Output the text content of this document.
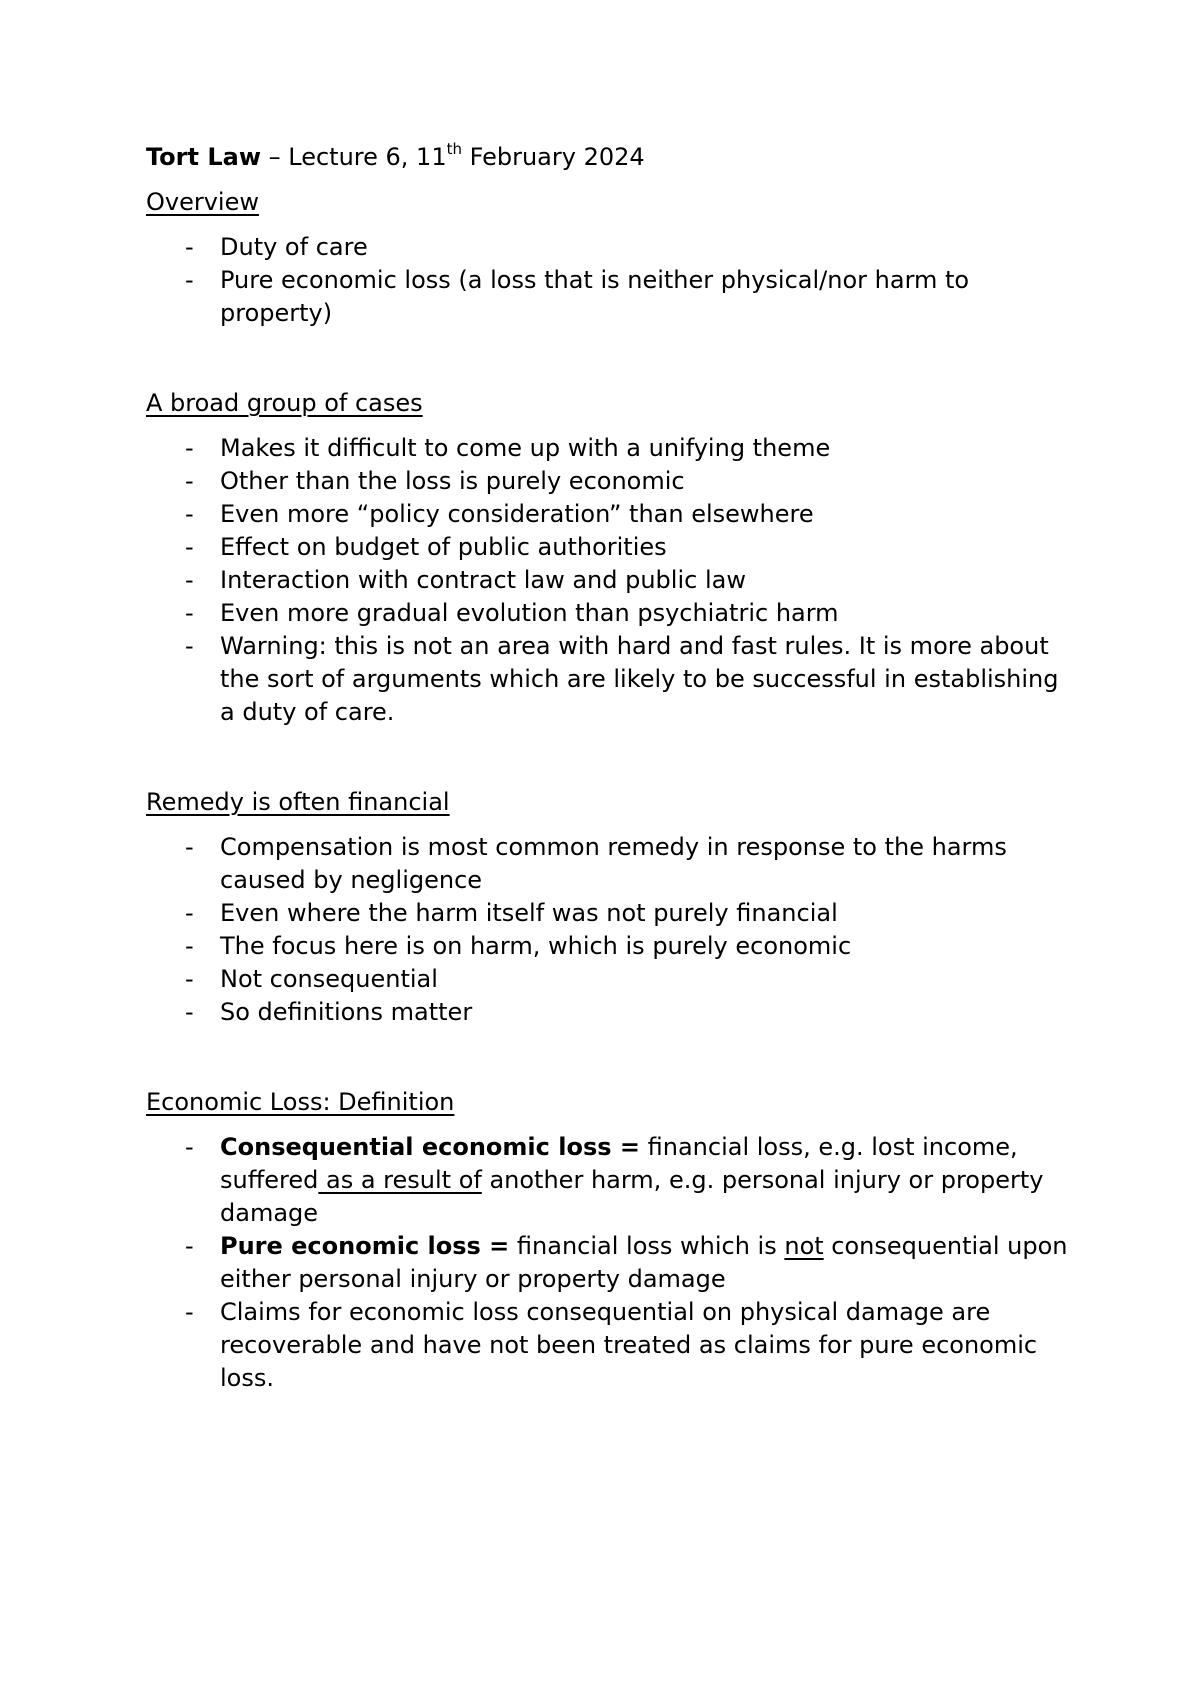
Tort Law – Lecture 6, 11th February 2024

Overview
- Duty of care
- Pure economic loss (a loss that is neither physical/nor harm to property)
A broad group of cases
- Makes it difficult to come up with a unifying theme
- Other than the loss is purely economic
- Even more “policy consideration” than elsewhere
- Effect on budget of public authorities
- Interaction with contract law and public law
- Even more gradual evolution than psychiatric harm
- Warning: this is not an area with hard and fast rules. It is more about the sort of arguments which are likely to be successful in establishing a duty of care.
Remedy is often financial
- Compensation is most common remedy in response to the harms caused by negligence
- Even where the harm itself was not purely financial
- The focus here is on harm, which is purely economic
- Not consequential
- So definitions matter
Economic Loss: Definition
- Consequential economic loss = financial loss, e.g. lost income, suffered as a result of another harm, e.g. personal injury or property damage
- Pure economic loss = financial loss which is not consequential upon either personal injury or property damage
- Claims for economic loss consequential on physical damage are recoverable and have not been treated as claims for pure economic loss.
